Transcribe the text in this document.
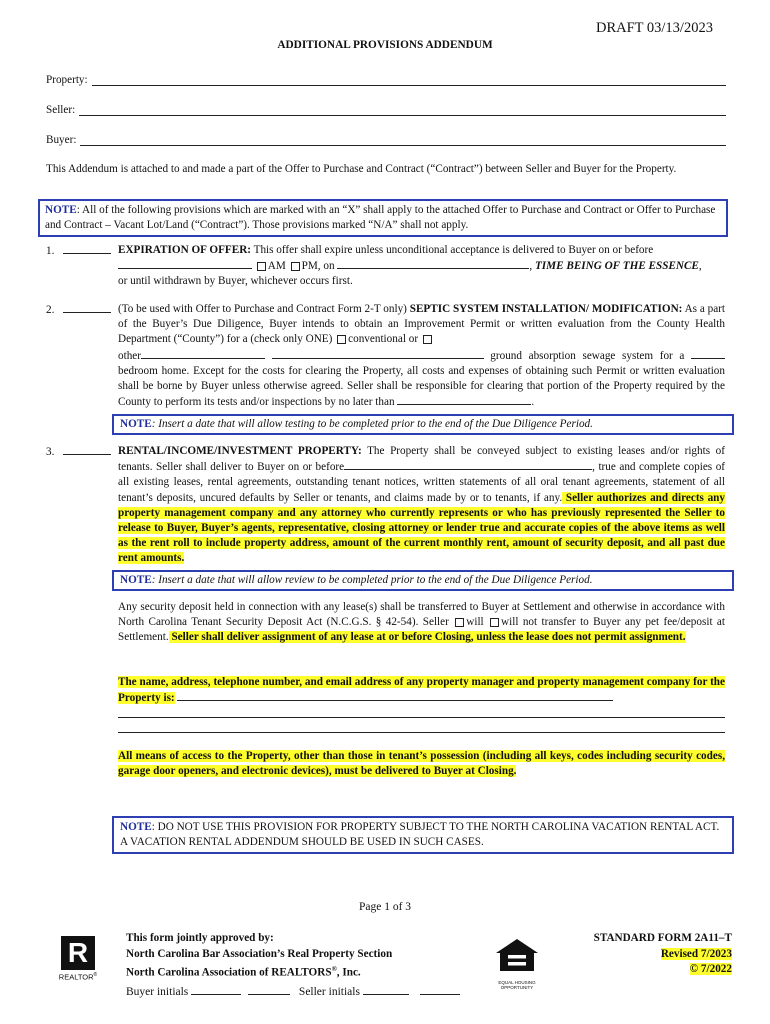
DRAFT 03/13/2023
ADDITIONAL PROVISIONS ADDENDUM
Property:
Seller:
Buyer:
This Addendum is attached to and made a part of the Offer to Purchase and Contract (“Contract”) between Seller and Buyer for the Property.
NOTE: All of the following provisions which are marked with an “X” shall apply to the attached Offer to Purchase and Contract or Offer to Purchase and Contract – Vacant Lot/Land (“Contract”). Those provisions marked “N/A” shall not apply.
1.	EXPIRATION OF OFFER: This offer shall expire unless unconditional acceptance is delivered to Buyer on or before
AM PM, on	, TIME BEING OF THE ESSENCE,
or until withdrawn by Buyer, whichever occurs first.
2.	(To be used with Offer to Purchase and Contract Form 2-T only) SEPTIC SYSTEM INSTALLATION/ MODIFICATION: As a part of the Buyer’s Due Diligence, Buyer intends to obtain an Improvement Permit or written evaluation from the County Health Department (“County”) for a (check only ONE) conventional or
other	ground absorption sewage system for a  bedroom home. Except for the costs for clearing the Property, all costs and expenses of obtaining such Permit or written evaluation shall be borne by Buyer unless otherwise agreed. Seller shall be responsible for clearing that portion of the Property required by the County to perform its tests and/or inspections by no later than	.
NOTE: Insert a date that will allow testing to be completed prior to the end of the Due Diligence Period.
3.	RENTAL/INCOME/INVESTMENT PROPERTY: The Property shall be conveyed subject to existing leases and/or rights of tenants. Seller shall deliver to Buyer on or before	, true and complete copies of all existing leases, rental agreements, outstanding tenant notices, written statements of all oral tenant agreements, statement of all tenant’s deposits, uncured defaults by Seller or tenants, and claims made by or to tenants, if any. Seller authorizes and directs any property management company and any attorney who currently represents or who has previously represented the Seller to release to Buyer, Buyer’s agents, representative, closing attorney or lender true and accurate copies of the above items as well as the rent roll to include property address, amount of the current monthly rent, amount of security deposit, and all past due rent amounts.
NOTE: Insert a date that will allow review to be completed prior to the end of the Due Diligence Period.
Any security deposit held in connection with any lease(s) shall be transferred to Buyer at Settlement and otherwise in accordance with North Carolina Tenant Security Deposit Act (N.C.G.S. § 42-54). Seller will will not transfer to Buyer any pet fee/deposit at Settlement. Seller shall deliver assignment of any lease at or before Closing, unless the lease does not permit assignment.
The name, address, telephone number, and email address of any property manager and property management company for the Property is:
All means of access to the Property, other than those in tenant’s possession (including all keys, codes including security codes, garage door openers, and electronic devices), must be delivered to Buyer at Closing.
NOTE: DO NOT USE THIS PROVISION FOR PROPERTY SUBJECT TO THE NORTH CAROLINA VACATION RENTAL ACT. A VACATION RENTAL ADDENDUM SHOULD BE USED IN SUCH CASES.
Page 1 of 3
R
REALTOR®
This form jointly approved by:
North Carolina Bar Association’s Real Property Section
North Carolina Association of REALTORS®, Inc.
EQUAL HOUSING OPPORTUNITY
STANDARD FORM 2A11–T
Revised 7/2023
© 7/2022
Buyer initials	Seller initials
